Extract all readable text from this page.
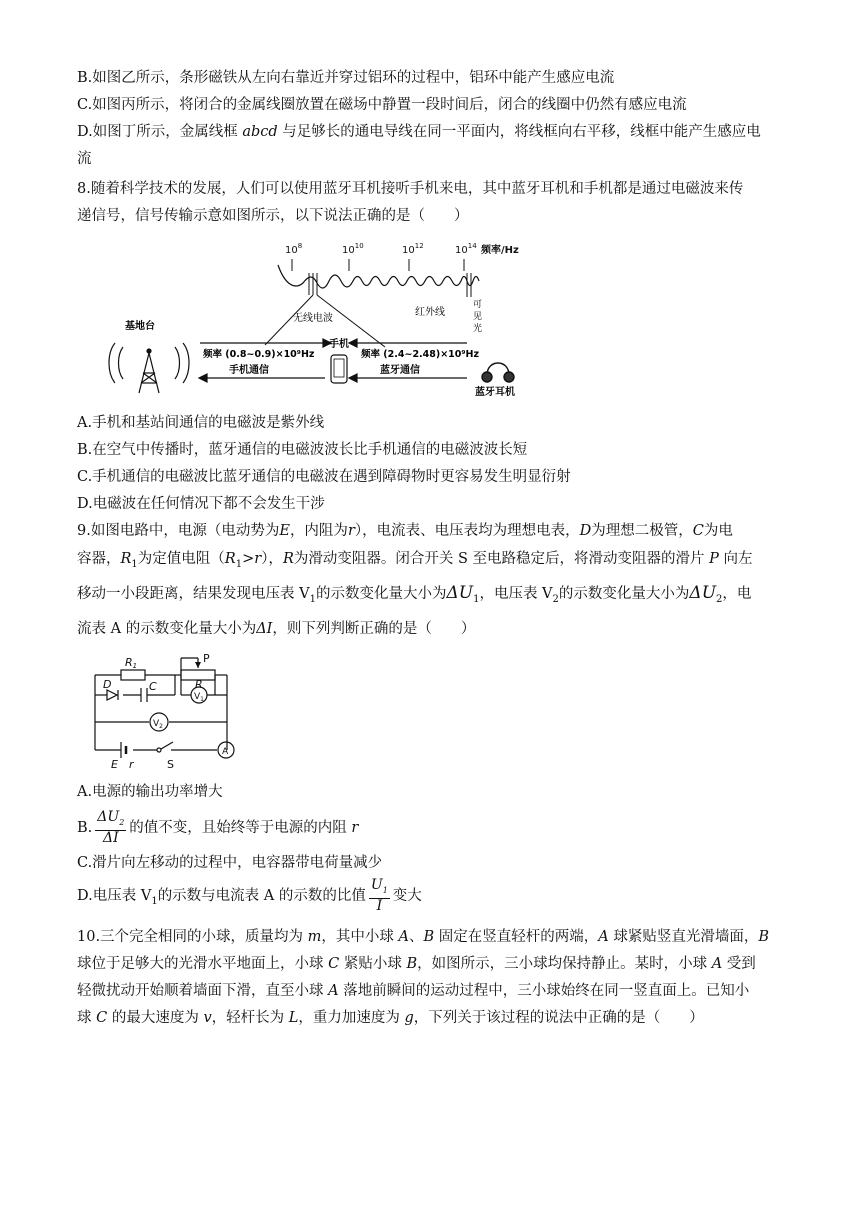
B.如图乙所示，条形磁铁从左向右靠近并穿过铝环的过程中，铝环中能产生感应电流
C.如图丙所示，将闭合的金属线圈放置在磁场中静置一段时间后，闭合的线圈中仍然有感应电流
D.如图丁所示，金属线框 abcd 与足够长的通电导线在同一平面内，将线框向右平移，线框中能产生感应电
流
8.随着科学技术的发展，人们可以使用蓝牙耳机接听手机来电，其中蓝牙耳机和手机都是通过电磁波来传
递信号，信号传输示意如图所示，以下说法正确的是（　　）
$10^8$	$10^{10}$	$10^{12}$	$10^{14}$ 频率/Hz
无线电波
红外线
可
见
光
基地台
频率 (0.8~0.9)×10⁹Hz
手机通信
频率 (2.4~2.48)×10⁹Hz
蓝牙通信
手机
蓝牙耳机
A.手机和基站间通信的电磁波是紫外线
B.在空气中传播时，蓝牙通信的电磁波波长比手机通信的电磁波波长短
C.手机通信的电磁波比蓝牙通信的电磁波在遇到障碍物时更容易发生明显衍射
D.电磁波在任何情况下都不会发生干涉
9.如图电路中，电源（电动势为E，内阻为r），电流表、电压表均为理想电表，D为理想二极管，C为电
容器，$R_1$为定值电阻$(R_1>r)$，R为滑动变阻器。闭合开关 S 至电路稳定后，将滑动变阻器的滑片 P 向左
移动一小段距离，结果发现电压表 $V_1$的示数变化量大小为$\Delta U_1$，电压表 $V_2$的示数变化量大小为$\Delta U_2$，电
流表 A 的示数变化量大小为ΔI，则下列判断正确的是（　　）
R1
P
R
D	C
$V_1$
$V_2$
A
E r	S
A.电源的输出功率增大
B. $\frac{\Delta U_2}{\Delta I}$ 的值不变，且始终等于电源的内阻 r
C.滑片向左移动的过程中，电容器带电荷量减少
D.电压表 $V_1$的示数与电流表 A 的示数的比值 $\frac{U_1}{I}$ 变大
10.三个完全相同的小球，质量均为 m，其中小球 A、B 固定在竖直轻杆的两端，A 球紧贴竖直光滑墙面，B
球位于足够大的光滑水平地面上，小球 C 紧贴小球 B，如图所示，三小球均保持静止。某时，小球 A 受到
轻微扰动开始顺着墙面下滑，直至小球 A 落地前瞬间的运动过程中，三小球始终在同一竖直面上。已知小
球 C 的最大速度为 v，轻杆长为 L，重力加速度为 g，下列关于该过程的说法中正确的是（　　）
